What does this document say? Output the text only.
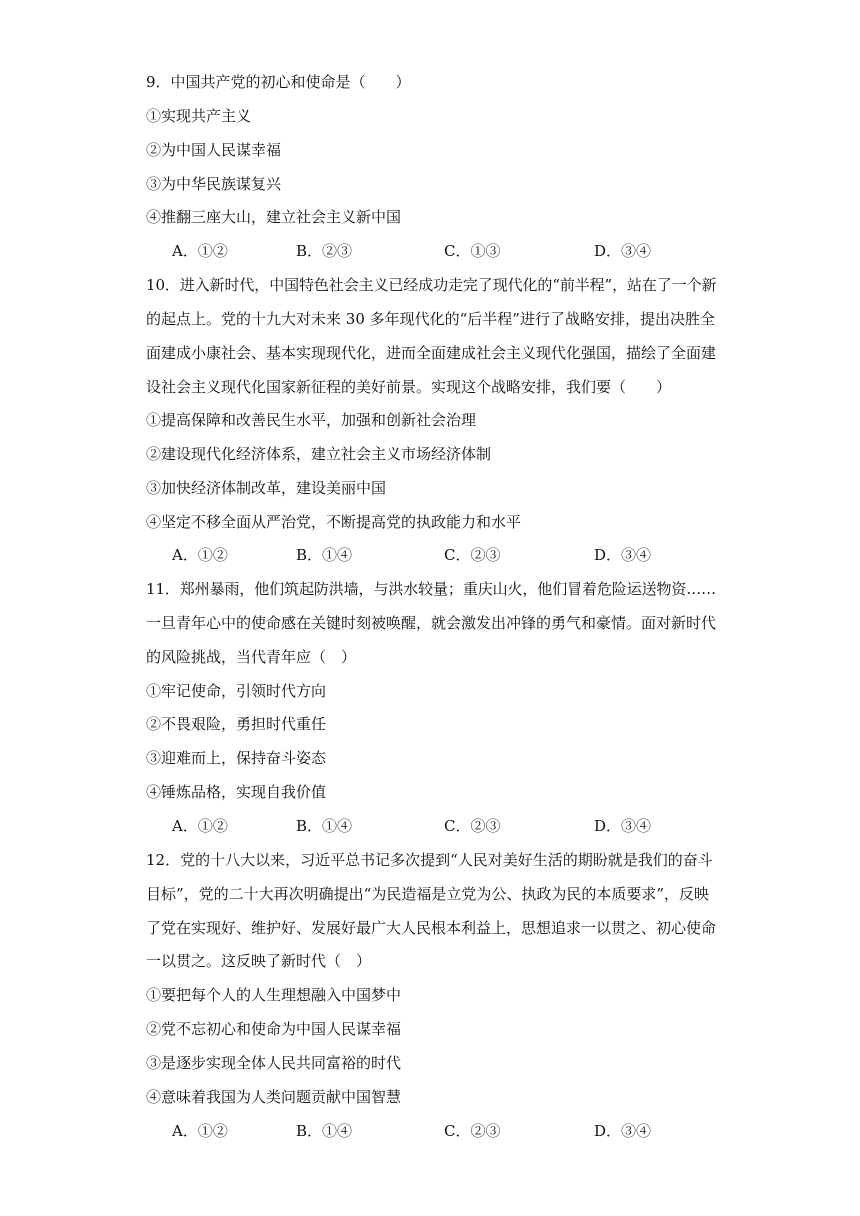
9．中国共产党的初心和使命是（　　）
①实现共产主义
②为中国人民谋幸福
③为中华民族谋复兴
④推翻三座大山，建立社会主义新中国
A．①②	B．②③	C．①③	D．③④
10．进入新时代，中国特色社会主义已经成功走完了现代化的“前半程”，站在了一个新
的起点上。党的十九大对未来 30 多年现代化的“后半程”进行了战略安排，提出决胜全
面建成小康社会、基本实现现代化，进而全面建成社会主义现代化强国，描绘了全面建
设社会主义现代化国家新征程的美好前景。实现这个战略安排，我们要（　　）
①提高保障和改善民生水平，加强和创新社会治理
②建设现代化经济体系，建立社会主义市场经济体制
③加快经济体制改革，建设美丽中国
④坚定不移全面从严治党，不断提高党的执政能力和水平
A．①②	B．①④	C．②③	D．③④
11．郑州暴雨，他们筑起防洪墙，与洪水较量；重庆山火，他们冒着危险运送物资……
一旦青年心中的使命感在关键时刻被唤醒，就会激发出冲锋的勇气和豪情。面对新时代
的风险挑战，当代青年应（　）
①牢记使命，引领时代方向
②不畏艰险，勇担时代重任
③迎难而上，保持奋斗姿态
④锤炼品格，实现自我价值
A．①②	B．①④	C．②③	D．③④
12．党的十八大以来，习近平总书记多次提到“人民对美好生活的期盼就是我们的奋斗
目标”，党的二十大再次明确提出“为民造福是立党为公、执政为民的本质要求”，反映
了党在实现好、维护好、发展好最广大人民根本利益上，思想追求一以贯之、初心使命
一以贯之。这反映了新时代（　）
①要把每个人的人生理想融入中国梦中
②党不忘初心和使命为中国人民谋幸福
③是逐步实现全体人民共同富裕的时代
④意味着我国为人类问题贡献中国智慧
A．①②	B．①④	C．②③	D．③④
